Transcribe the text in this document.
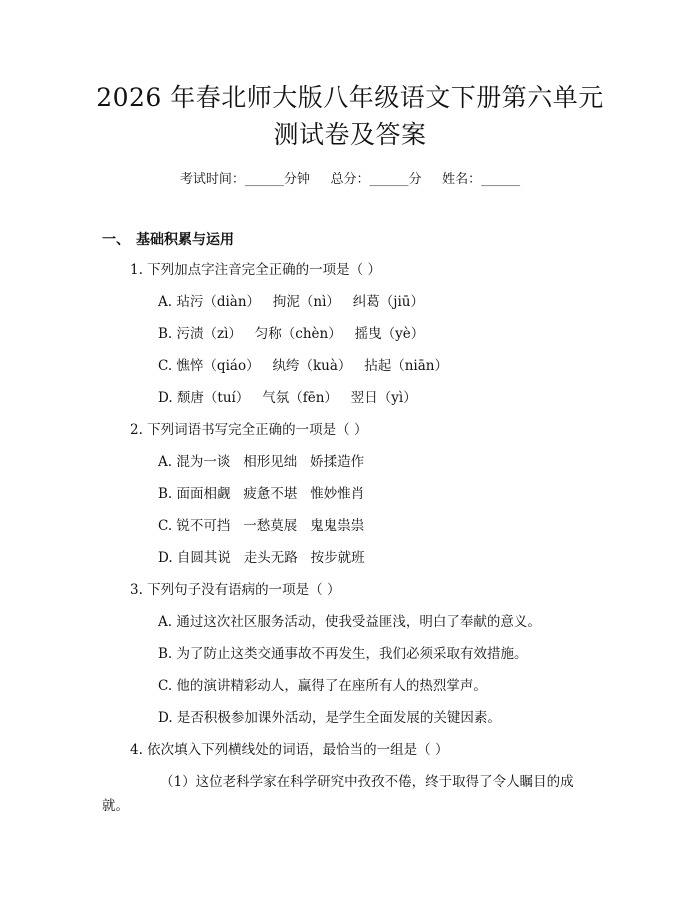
2026 年春北师大版八年级语文下册第六单元
测试卷及答案
考试时间：______分钟     总分：______分     姓名：______
一、 基础积累与运用
1. 下列加点字注音完全正确的一项是（ ）
A. 玷污（diàn）   拘泥（nì）   纠葛（jiū）
B. 污渍（zì）   匀称（chèn）   摇曳（yè）
C. 憔悴（qiáo）   纨绔（kuà）   拈起（niān）
D. 颓唐（tuí）   气氛（fēn）   翌日（yì）
2. 下列词语书写完全正确的一项是（ ）
A. 混为一谈   相形见绌   娇揉造作
B. 面面相觑   疲惫不堪   惟妙惟肖
C. 锐不可挡   一愁莫展   鬼鬼祟祟
D. 自圆其说   走头无路   按步就班
3. 下列句子没有语病的一项是（ ）
A. 通过这次社区服务活动，使我受益匪浅，明白了奉献的意义。
B. 为了防止这类交通事故不再发生，我们必须采取有效措施。
C. 他的演讲精彩动人，赢得了在座所有人的热烈掌声。
D. 是否积极参加课外活动，是学生全面发展的关键因素。
4. 依次填入下列横线处的词语，最恰当的一组是（ ）
（1）这位老科学家在科学研究中孜孜不倦，终于取得了令人瞩目的成
就。
